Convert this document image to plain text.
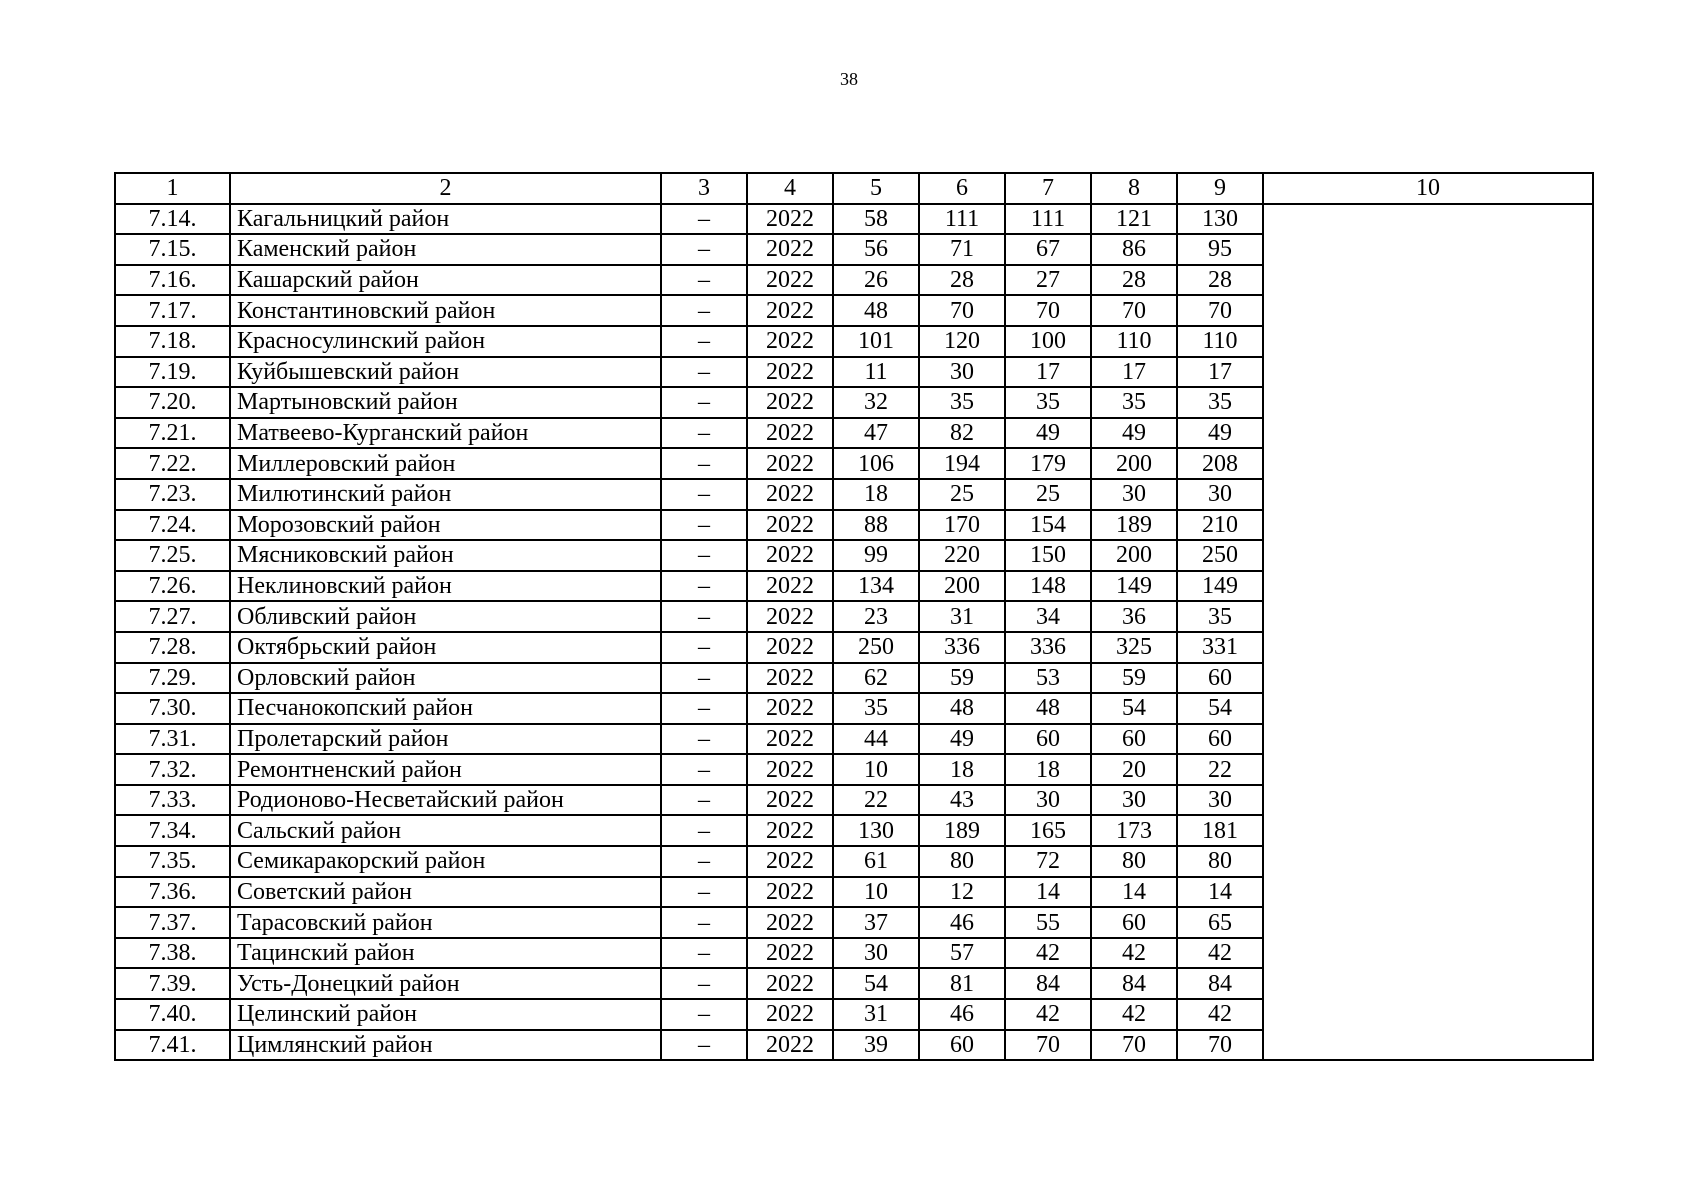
38
1	2	3	4	5	6	7	8	9	10
7.14.	Кагальницкий район	–	2022	58	111	111	121	130	
7.15.	Каменский район	–	2022	56	71	67	86	95	
7.16.	Кашарский район	–	2022	26	28	27	28	28	
7.17.	Константиновский район	–	2022	48	70	70	70	70	
7.18.	Красносулинский район	–	2022	101	120	100	110	110	
7.19.	Куйбышевский район	–	2022	11	30	17	17	17	
7.20.	Мартыновский район	–	2022	32	35	35	35	35	
7.21.	Матвеево-Курганский район	–	2022	47	82	49	49	49	
7.22.	Миллеровский район	–	2022	106	194	179	200	208	
7.23.	Милютинский район	–	2022	18	25	25	30	30	
7.24.	Морозовский район	–	2022	88	170	154	189	210	
7.25.	Мясниковский район	–	2022	99	220	150	200	250	
7.26.	Неклиновский район	–	2022	134	200	148	149	149	
7.27.	Обливский район	–	2022	23	31	34	36	35	
7.28.	Октябрьский район	–	2022	250	336	336	325	331	
7.29.	Орловский район	–	2022	62	59	53	59	60	
7.30.	Песчанокопский район	–	2022	35	48	48	54	54	
7.31.	Пролетарский район	–	2022	44	49	60	60	60	
7.32.	Ремонтненский район	–	2022	10	18	18	20	22	
7.33.	Родионово-Несветайский район	–	2022	22	43	30	30	30	
7.34.	Сальский район	–	2022	130	189	165	173	181	
7.35.	Семикаракорский район	–	2022	61	80	72	80	80	
7.36.	Советский район	–	2022	10	12	14	14	14	
7.37.	Тарасовский район	–	2022	37	46	55	60	65	
7.38.	Тацинский район	–	2022	30	57	42	42	42	
7.39.	Усть-Донецкий район	–	2022	54	81	84	84	84	
7.40.	Целинский район	–	2022	31	46	42	42	42	
7.41.	Цимлянский район	–	2022	39	60	70	70	70	
